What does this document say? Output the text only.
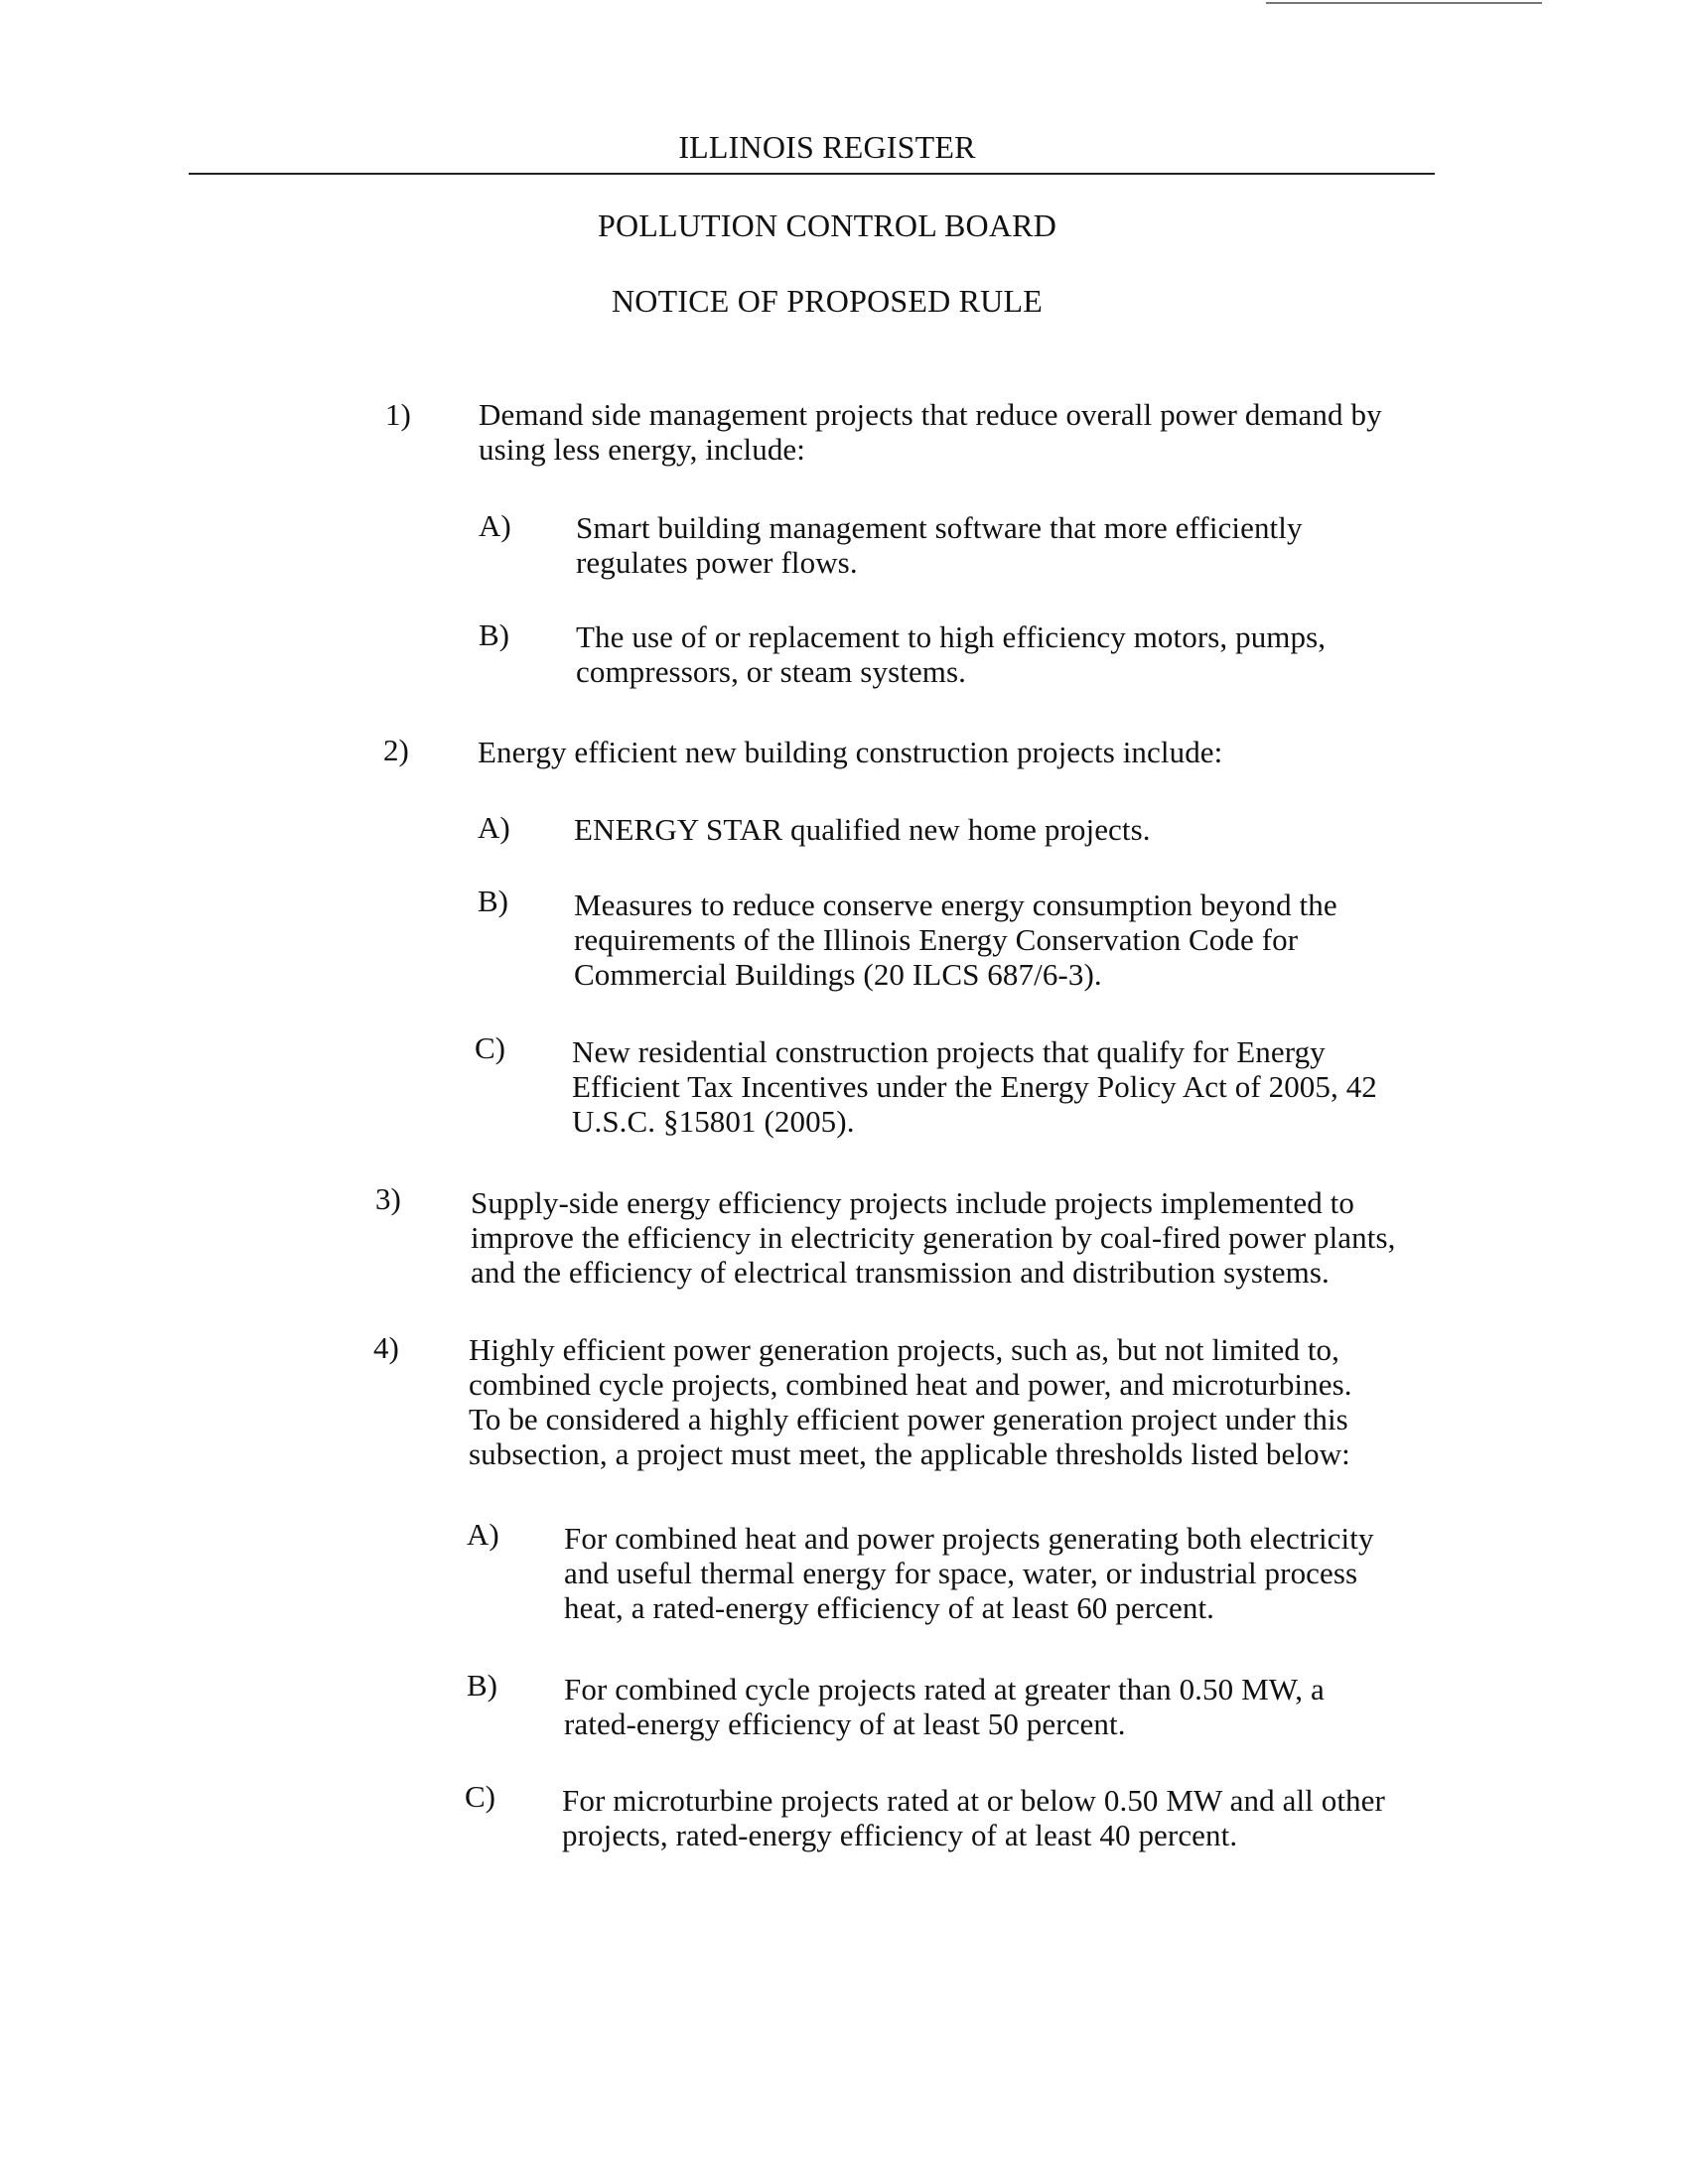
ILLINOIS REGISTER
POLLUTION CONTROL BOARD
NOTICE OF PROPOSED RULE
1) Demand side management projects that reduce overall power demand by
using less energy, include:
A) Smart building management software that more efficiently
regulates power flows.
B) The use of or replacement to high efficiency motors, pumps,
compressors, or steam systems.
2) Energy efficient new building construction projects include:
A) ENERGY STAR qualified new home projects.
B) Measures to reduce conserve energy consumption beyond the
requirements of the Illinois Energy Conservation Code for
Commercial Buildings (20 ILCS 687/6-3).
C) New residential construction projects that qualify for Energy
Efficient Tax Incentives under the Energy Policy Act of 2005, 42
U.S.C. §15801 (2005).
3) Supply-side energy efficiency projects include projects implemented to
improve the efficiency in electricity generation by coal-fired power plants,
and the efficiency of electrical transmission and distribution systems.
4) Highly efficient power generation projects, such as, but not limited to,
combined cycle projects, combined heat and power, and microturbines.
To be considered a highly efficient power generation project under this
subsection, a project must meet, the applicable thresholds listed below:
A) For combined heat and power projects generating both electricity
and useful thermal energy for space, water, or industrial process
heat, a rated-energy efficiency of at least 60 percent.
B) For combined cycle projects rated at greater than 0.50 MW, a
rated-energy efficiency of at least 50 percent.
C) For microturbine projects rated at or below 0.50 MW and all other
projects, rated-energy efficiency of at least 40 percent.
